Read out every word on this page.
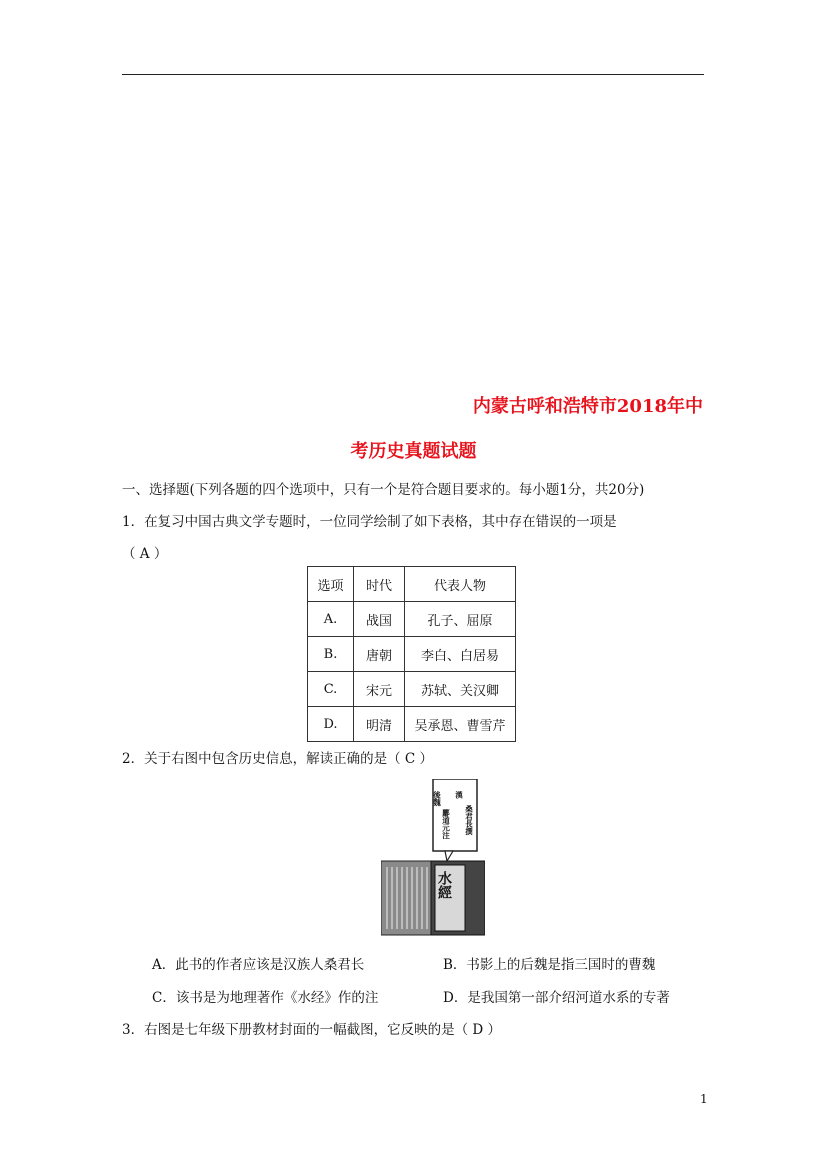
内蒙古呼和浩特市2018年中
考历史真题试题
一、选择题(下列各题的四个选项中，只有一个是符合题目要求的。每小题1分，共20分)
1．在复习中国古典文学专题时，一位同学绘制了如下表格，其中存在错误的一项是
（ A ）
选项	时代	代表人物
A.	战国	孔子、屈原
B.	唐朝	李白、白居易
C.	宋元	苏轼、关汉卿
D.	明清	吴承恩、曹雪芹
2．关于右图中包含历史信息，解读正确的是（ C ）
後魏
酈道元注
漢
桑君長撰
水經
A．此书的作者应该是汉族人桑君长	B．书影上的后魏是指三国时的曹魏
C．该书是为地理著作《水经》作的注	D．是我国第一部介绍河道水系的专著
3．右图是七年级下册教材封面的一幅截图，它反映的是（ D ）
1
